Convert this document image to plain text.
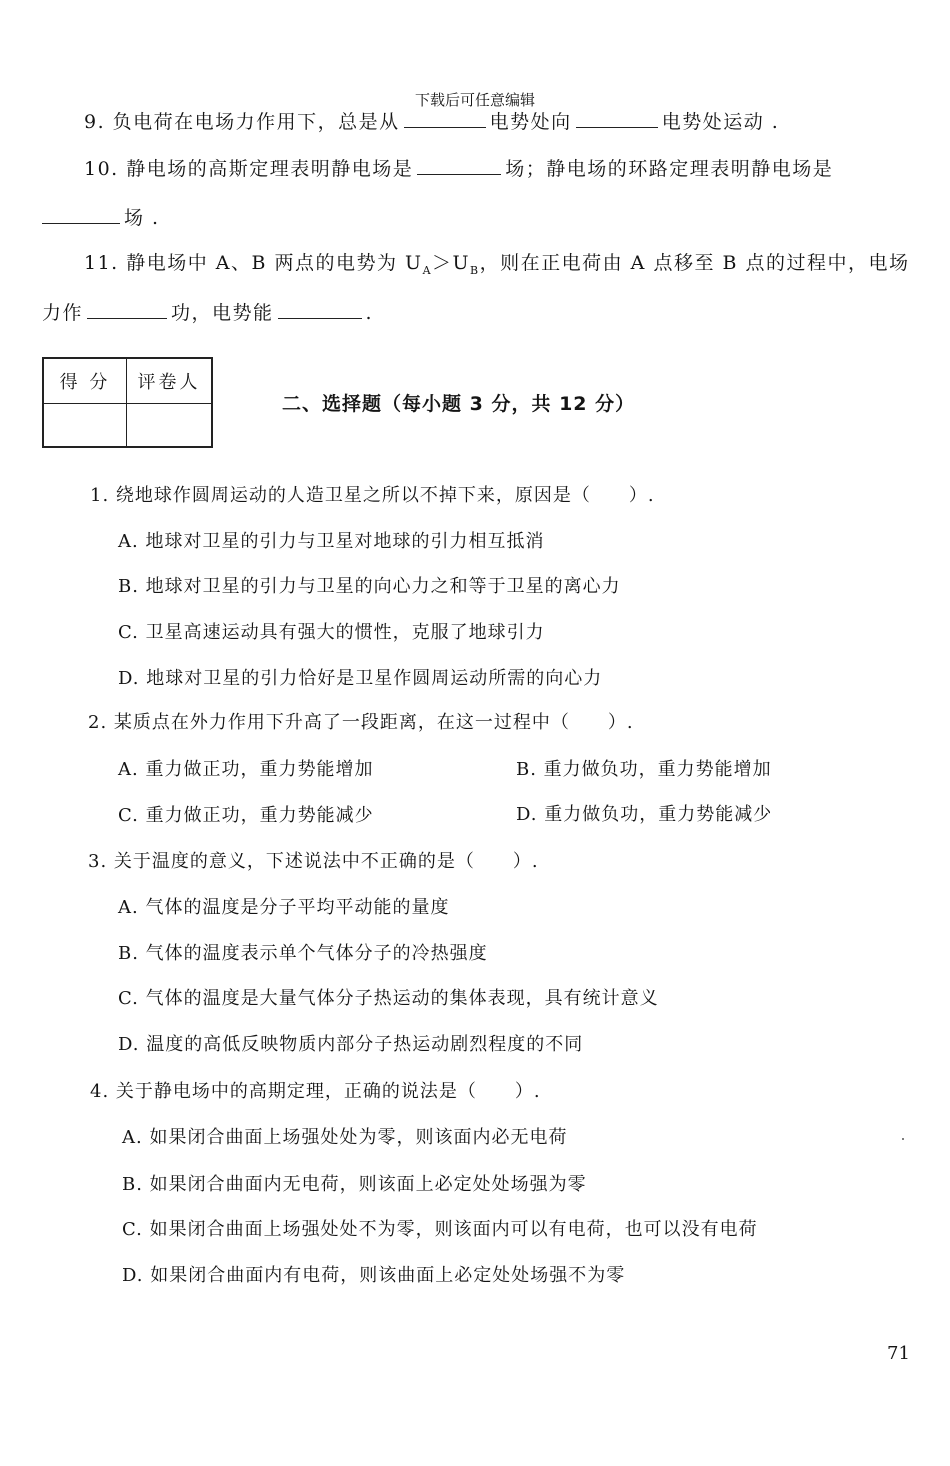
下载后可任意编辑
9. 负电荷在电场力作用下，总是从	电势处向	电势处运动 .
10. 静电场的高斯定理表明静电场是	场；静电场的环路定理表明静电场是
场 .
11. 静电场中 A、B 两点的电势为 $U_A>U_B$，则在正电荷由 A 点移至 B 点的过程中，电场
力作	功，电势能	.
得 分	评卷人

二、选择题（每小题 3 分，共 12 分）
1. 绕地球作圆周运动的人造卫星之所以不掉下来，原因是（　　）.
A. 地球对卫星的引力与卫星对地球的引力相互抵消
B. 地球对卫星的引力与卫星的向心力之和等于卫星的离心力
C. 卫星高速运动具有强大的惯性，克服了地球引力
D. 地球对卫星的引力恰好是卫星作圆周运动所需的向心力
2. 某质点在外力作用下升高了一段距离，在这一过程中（　　）.
A. 重力做正功，重力势能增加	B. 重力做负功，重力势能增加
C. 重力做正功，重力势能减少	D. 重力做负功，重力势能减少
3. 关于温度的意义，下述说法中不正确的是（　　）.
A. 气体的温度是分子平均平动能的量度
B. 气体的温度表示单个气体分子的冷热强度
C. 气体的温度是大量气体分子热运动的集体表现，具有统计意义
D. 温度的高低反映物质内部分子热运动剧烈程度的不同
4. 关于静电场中的高期定理，正确的说法是（　　）.
A. 如果闭合曲面上场强处处为零，则该面内必无电荷
B. 如果闭合曲面内无电荷，则该面上必定处处场强为零
C. 如果闭合曲面上场强处处不为零，则该面内可以有电荷，也可以没有电荷
D. 如果闭合曲面内有电荷，则该曲面上必定处处场强不为零
71
